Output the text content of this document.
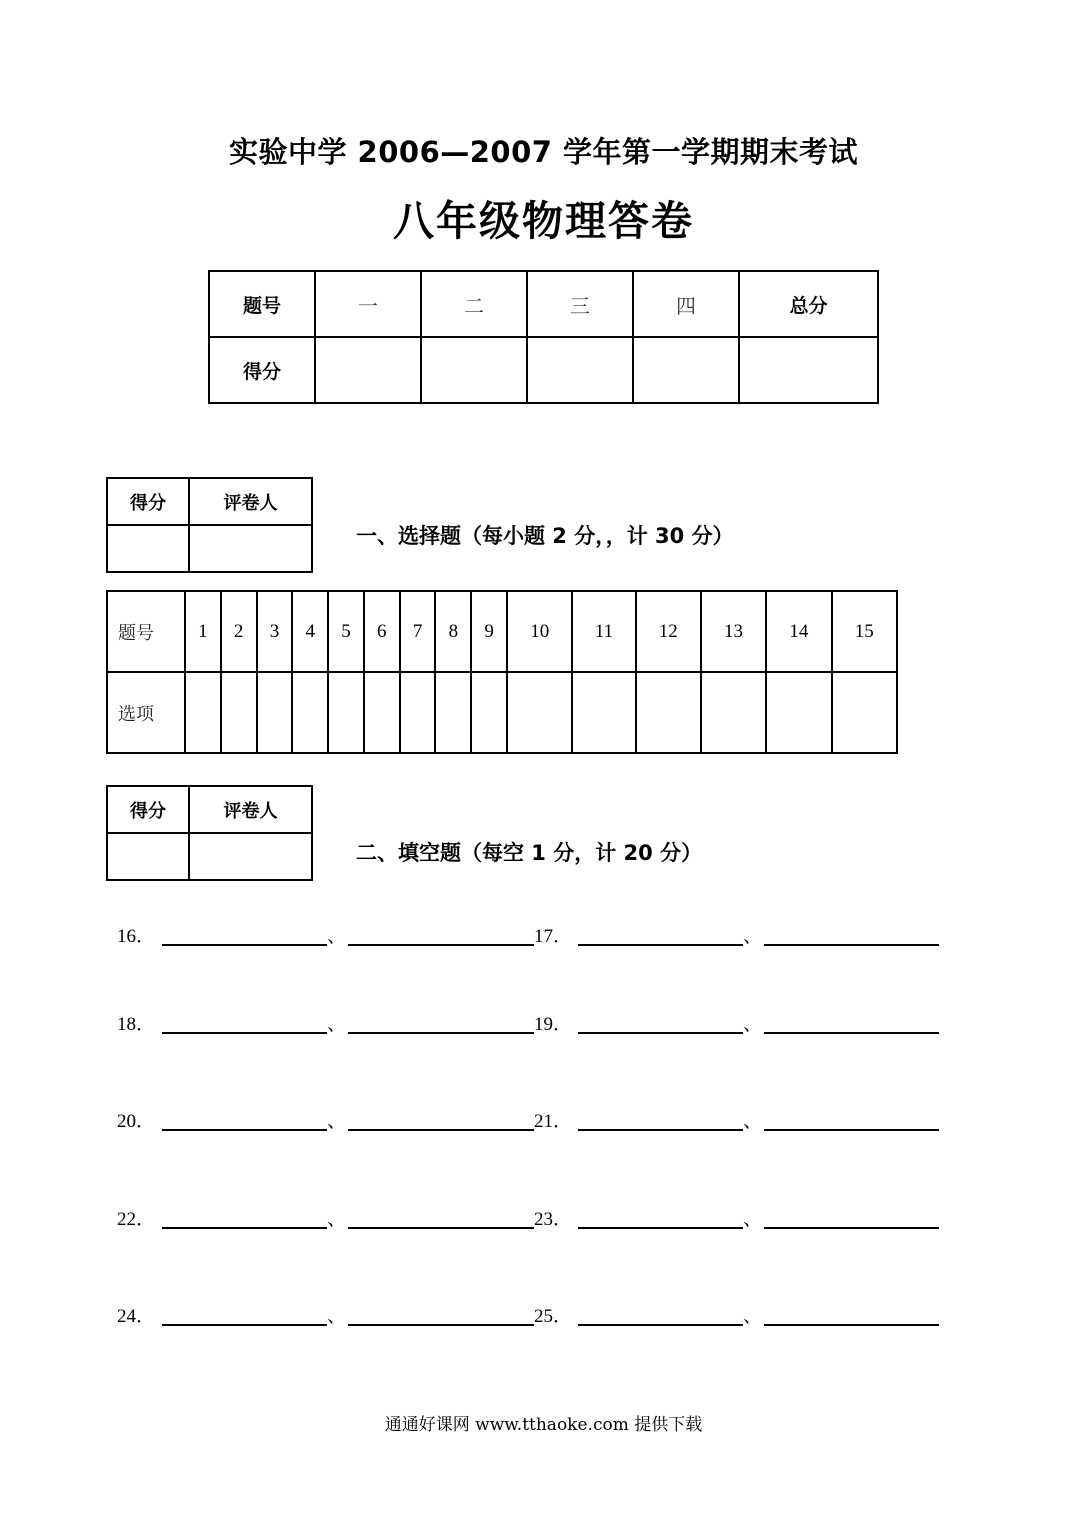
实验中学 2006—2007 学年第一学期期末考试
八年级物理答卷
题号	一	二	三	四	总分
得分					
得分	评卷人

一、选择题（每小题 2 分，，计 30 分）
题号	1	2	3	4	5	6	7	8	9	10	11	12	13	14	15
选项															
得分	评卷人

二、填空题（每空 1 分，计 20 分）
16．	、	17．	、
18．	、	19．	、
20．	、	21．	、
22．	、	23．	、
24．	、	25．	、
通通好课网 www.tthaoke.com 提供下载
